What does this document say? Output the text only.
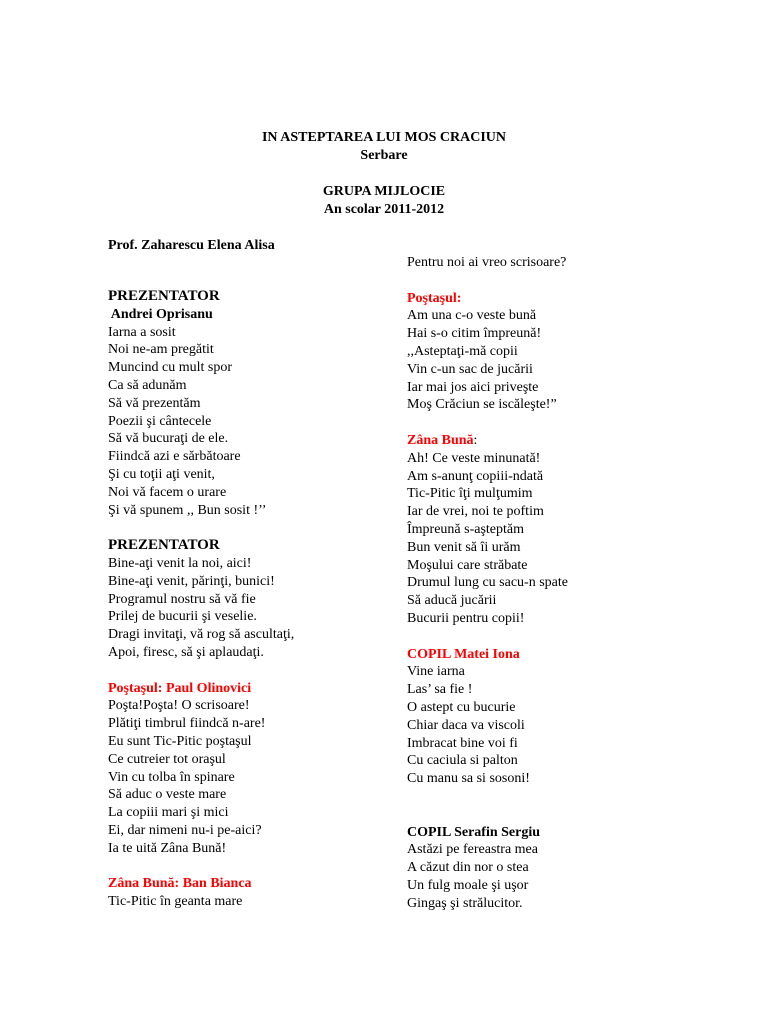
IN ASTEPTAREA LUI MOS CRACIUN
Serbare
GRUPA MIJLOCIE
An scolar 2011-2012
Prof. Zaharescu Elena Alisa
PREZENTATOR
Andrei Oprisanu
Iarna a sosit
Noi ne-am pregătit
Muncind cu mult spor
Ca să adunăm
Să vă prezentăm
Poezii şi cântecele
Să vă bucuraţi de ele.
Fiindcă azi e sărbătoare
Şi cu toţii aţi venit,
Noi vă facem o urare
Şi vă spunem ,, Bun sosit !’’
PREZENTATOR
Bine-aţi venit la noi, aici!
Bine-aţi venit, părinţi, bunici!
Programul nostru să vă fie
Prilej de bucurii şi veselie.
Dragi invitaţi, vă rog să ascultaţi,
Apoi, firesc, să şi aplaudaţi.
Poştaşul: Paul Olinovici
Poşta!Poşta! O scrisoare!
Plătiţi timbrul fiindcă n-are!
Eu sunt Tic-Pitic poştaşul
Ce cutreier tot oraşul
Vin cu tolba în spinare
Să aduc o veste mare
La copiii mari şi mici
Ei, dar nimeni nu-i pe-aici?
Ia te uită Zâna Bună!
Zâna Bună: Ban Bianca
Tic-Pitic în geanta mare
Pentru noi ai vreo scrisoare?
Poştaşul:
Am una c-o veste bună
Hai s-o citim împreună!
,,Asteptaţi-mă copii
Vin c-un sac de jucării
Iar mai jos aici priveşte
Moş Crăciun se iscăleşte!”
Zâna Bună:
Ah! Ce veste minunată!
Am s-anunţ copiii-ndată
Tic-Pitic îţi mulţumim
Iar de vrei, noi te poftim
Împreună s-aşteptăm
Bun venit să îi urăm
Moşului care străbate
Drumul lung cu sacu-n spate
Să aducă jucării
Bucurii pentru copii!
COPIL Matei Iona
Vine iarna
Las’ sa fie !
O astept cu bucurie
Chiar daca va viscoli
Imbracat bine voi fi
Cu caciula si palton
Cu manu sa si sosoni!
COPIL Serafin Sergiu
Astăzi pe fereastra mea
A căzut din nor o stea
Un fulg moale şi uşor
Gingaş şi strălucitor.
